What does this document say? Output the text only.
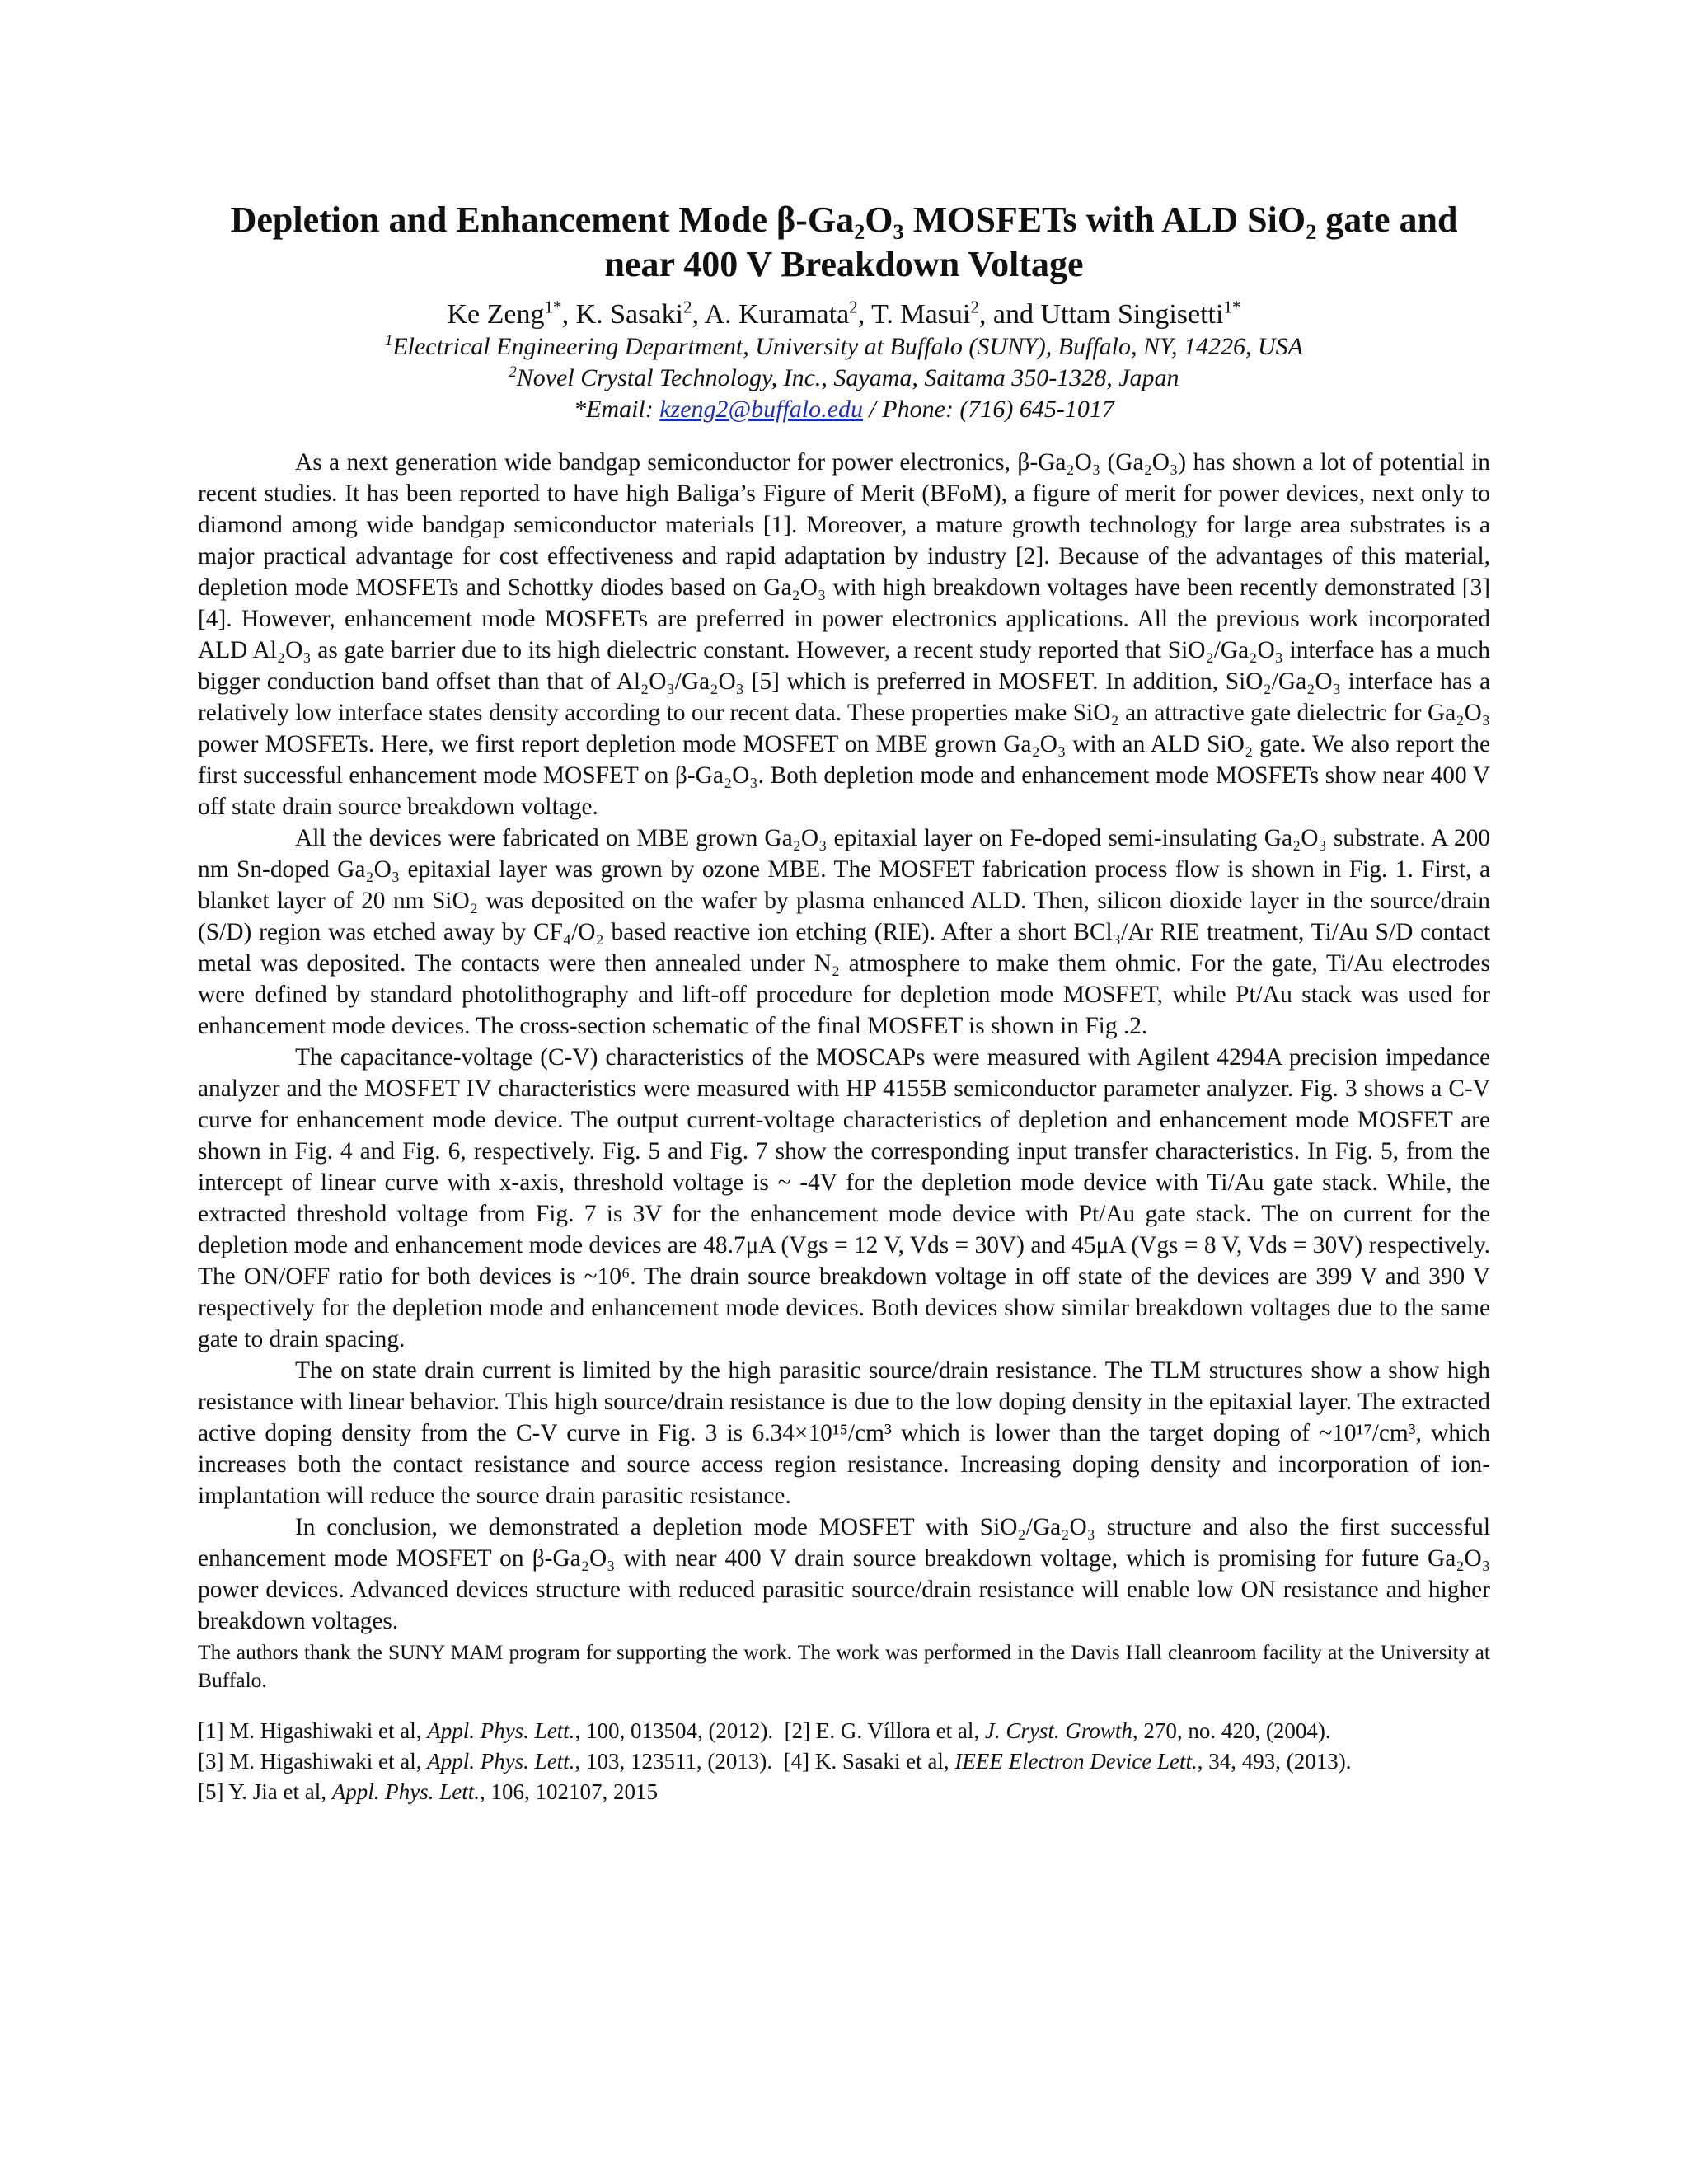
Depletion and Enhancement Mode β-Ga₂O₃ MOSFETs with ALD SiO₂ gate and near 400 V Breakdown Voltage
Ke Zeng$^{1*}$, K. Sasaki$^2$, A. Kuramata$^2$, T. Masui$^2$, and Uttam Singisetti$^{1*}$
$^1$Electrical Engineering Department, University at Buffalo (SUNY), Buffalo, NY, 14226, USA
$^2$Novel Crystal Technology, Inc., Sayama, Saitama 350-1328, Japan
*Email: kzeng2@buffalo.edu / Phone: (716) 645-1017

As a next generation wide bandgap semiconductor for power electronics, β-Ga₂O₃ (Ga₂O₃) has shown a lot of potential in recent studies. It has been reported to have high Baliga’s Figure of Merit (BFoM), a figure of merit for power devices, next only to diamond among wide bandgap semiconductor materials [1]. Moreover, a mature growth technology for large area substrates is a major practical advantage for cost effectiveness and rapid adaptation by industry [2]. Because of the advantages of this material, depletion mode MOSFETs and Schottky diodes based on Ga₂O₃ with high breakdown voltages have been recently demonstrated [3][4]. However, enhancement mode MOSFETs are preferred in power electronics applications. All the previous work incorporated ALD Al₂O₃ as gate barrier due to its high dielectric constant. However, a recent study reported that SiO₂/Ga₂O₃ interface has a much bigger conduction band offset than that of Al₂O₃/Ga₂O₃ [5] which is preferred in MOSFET. In addition, SiO₂/Ga₂O₃ interface has a relatively low interface states density according to our recent data. These properties make SiO₂ an attractive gate dielectric for Ga₂O₃ power MOSFETs. Here, we first report depletion mode MOSFET on MBE grown Ga₂O₃ with an ALD SiO₂ gate. We also report the first successful enhancement mode MOSFET on β-Ga₂O₃. Both depletion mode and enhancement mode MOSFETs show near 400 V off state drain source breakdown voltage.

All the devices were fabricated on MBE grown Ga₂O₃ epitaxial layer on Fe-doped semi-insulating Ga₂O₃ substrate. A 200 nm Sn-doped Ga₂O₃ epitaxial layer was grown by ozone MBE. The MOSFET fabrication process flow is shown in Fig. 1. First, a blanket layer of 20 nm SiO₂ was deposited on the wafer by plasma enhanced ALD. Then, silicon dioxide layer in the source/drain (S/D) region was etched away by CF₄/O₂ based reactive ion etching (RIE). After a short BCl₃/Ar RIE treatment, Ti/Au S/D contact metal was deposited. The contacts were then annealed under N₂ atmosphere to make them ohmic. For the gate, Ti/Au electrodes were defined by standard photolithography and lift-off procedure for depletion mode MOSFET, while Pt/Au stack was used for enhancement mode devices. The cross-section schematic of the final MOSFET is shown in Fig .2.

The capacitance-voltage (C-V) characteristics of the MOSCAPs were measured with Agilent 4294A precision impedance analyzer and the MOSFET IV characteristics were measured with HP 4155B semiconductor parameter analyzer. Fig. 3 shows a C-V curve for enhancement mode device. The output current-voltage characteristics of depletion and enhancement mode MOSFET are shown in Fig. 4 and Fig. 6, respectively. Fig. 5 and Fig. 7 show the corresponding input transfer characteristics. In Fig. 5, from the intercept of linear curve with x-axis, threshold voltage is ~ -4V for the depletion mode device with Ti/Au gate stack. While, the extracted threshold voltage from Fig. 7 is 3V for the enhancement mode device with Pt/Au gate stack. The on current for the depletion mode and enhancement mode devices are 48.7μA (Vgs = 12 V, Vds = 30V) and 45μA (Vgs = 8 V, Vds = 30V) respectively. The ON/OFF ratio for both devices is ~10⁶. The drain source breakdown voltage in off state of the devices are 399 V and 390 V respectively for the depletion mode and enhancement mode devices. Both devices show similar breakdown voltages due to the same gate to drain spacing.

The on state drain current is limited by the high parasitic source/drain resistance. The TLM structures show a show high resistance with linear behavior. This high source/drain resistance is due to the low doping density in the epitaxial layer. The extracted active doping density from the C-V curve in Fig. 3 is 6.34×10¹⁵/cm³ which is lower than the target doping of ~10¹⁷/cm³, which increases both the contact resistance and source access region resistance. Increasing doping density and incorporation of ion-implantation will reduce the source drain parasitic resistance.

In conclusion, we demonstrated a depletion mode MOSFET with SiO₂/Ga₂O₃ structure and also the first successful enhancement mode MOSFET on β-Ga₂O₃ with near 400 V drain source breakdown voltage, which is promising for future Ga₂O₃ power devices. Advanced devices structure with reduced parasitic source/drain resistance will enable low ON resistance and higher breakdown voltages.

The authors thank the SUNY MAM program for supporting the work. The work was performed in the Davis Hall cleanroom facility at the University at Buffalo.
[1] M. Higashiwaki et al, Appl. Phys. Lett., 100, 013504, (2012). [2] E. G. Víllora et al, J. Cryst. Growth, 270, no. 420, (2004).
[3] M. Higashiwaki et al, Appl. Phys. Lett., 103, 123511, (2013). [4] K. Sasaki et al, IEEE Electron Device Lett., 34, 493, (2013).
[5] Y. Jia et al, Appl. Phys. Lett., 106, 102107, 2015
